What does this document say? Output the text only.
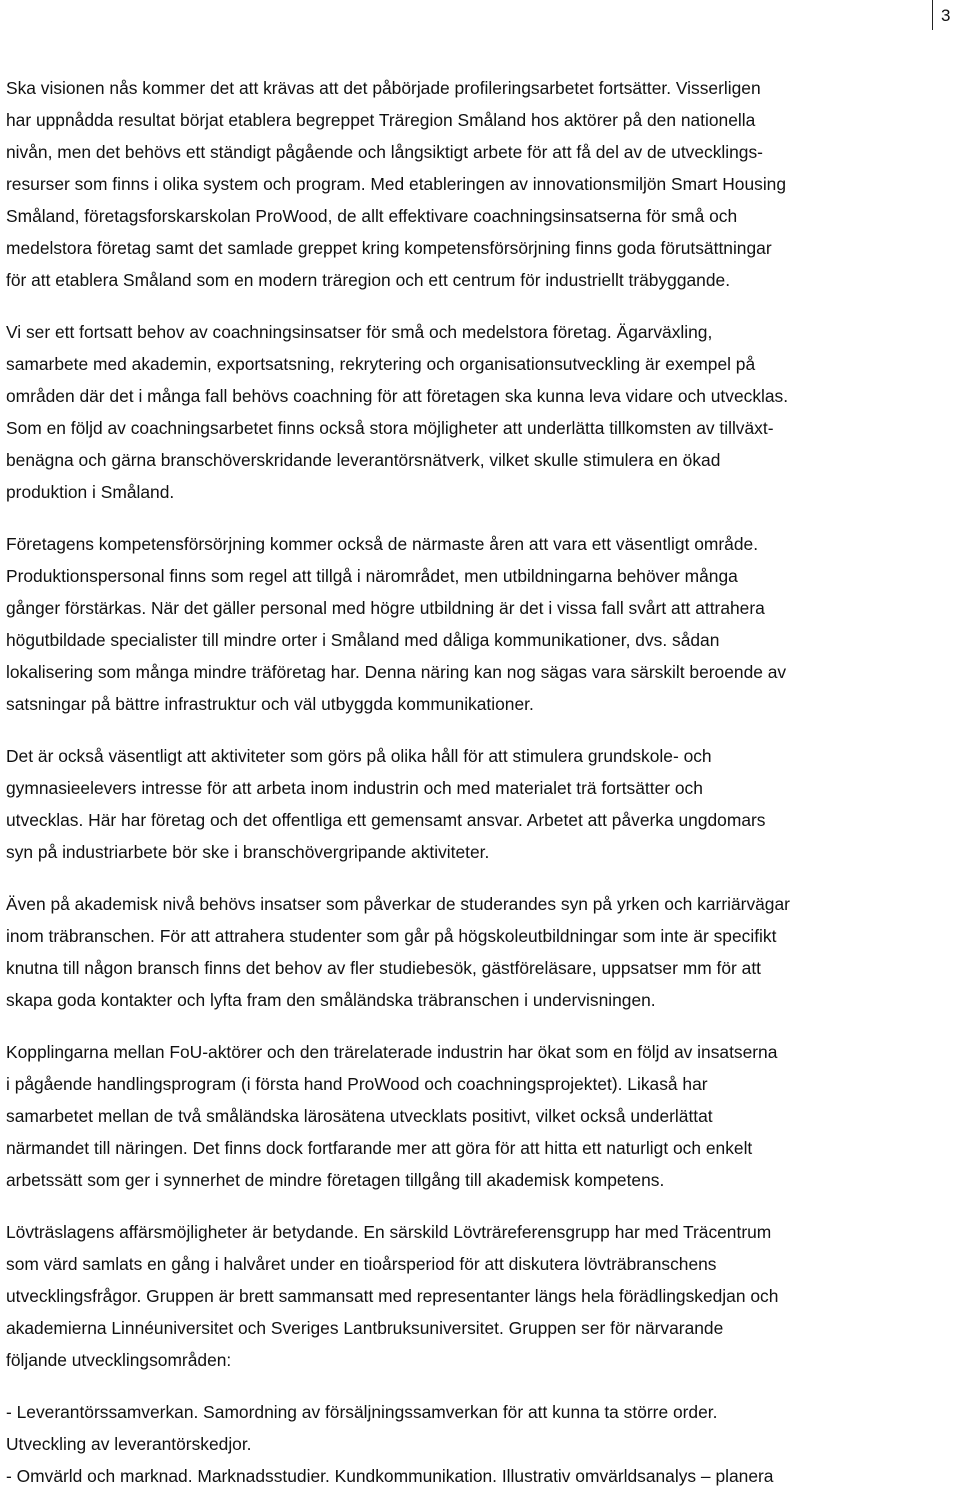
3

Ska visionen nås kommer det att krävas att det påbörjade profileringsarbetet fortsätter. Visserligen
har uppnådda resultat börjat etablera begreppet Träregion Småland hos aktörer på den nationella
nivån, men det behövs ett ständigt pågående och långsiktigt arbete för att få del av de utvecklings-
resurser som finns i olika system och program. Med etableringen av innovationsmiljön Smart Housing
Småland, företagsforskarskolan ProWood, de allt effektivare coachningsinsatserna för små och
medelstora företag samt det samlade greppet kring kompetensförsörjning finns goda förutsättningar
för att etablera Småland som en modern träregion och ett centrum för industriellt träbyggande.

Vi ser ett fortsatt behov av coachningsinsatser för små och medelstora företag. Ägarväxling,
samarbete med akademin, exportsatsning, rekrytering och organisationsutveckling är exempel på
områden där det i många fall behövs coachning för att företagen ska kunna leva vidare och utvecklas.
Som en följd av coachningsarbetet finns också stora möjligheter att underlätta tillkomsten av tillväxt-
benägna och gärna branschöverskridande leverantörsnätverk, vilket skulle stimulera en ökad
produktion i Småland.

Företagens kompetensförsörjning kommer också de närmaste åren att vara ett väsentligt område.
Produktionspersonal finns som regel att tillgå i närområdet, men utbildningarna behöver många
gånger förstärkas. När det gäller personal med högre utbildning är det i vissa fall svårt att attrahera
högutbildade specialister till mindre orter i Småland med dåliga kommunikationer, dvs. sådan
lokalisering som många mindre träföretag har. Denna näring kan nog sägas vara särskilt beroende av
satsningar på bättre infrastruktur och väl utbyggda kommunikationer.

Det är också väsentligt att aktiviteter som görs på olika håll för att stimulera grundskole- och
gymnasieelevers intresse för att arbeta inom industrin och med materialet trä fortsätter och
utvecklas. Här har företag och det offentliga ett gemensamt ansvar. Arbetet att påverka ungdomars
syn på industriarbete bör ske i branschövergripande aktiviteter.

Även på akademisk nivå behövs insatser som påverkar de studerandes syn på yrken och karriärvägar
inom träbranschen. För att attrahera studenter som går på högskoleutbildningar som inte är specifikt
knutna till någon bransch finns det behov av fler studiebesök, gästföreläsare, uppsatser mm för att
skapa goda kontakter och lyfta fram den småländska träbranschen i undervisningen.

Kopplingarna mellan FoU-aktörer och den trärelaterade industrin har ökat som en följd av insatserna
i pågående handlingsprogram (i första hand ProWood och coachningsprojektet). Likaså har
samarbetet mellan de två småländska lärosätena utvecklats positivt, vilket också underlättat
närmandet till näringen. Det finns dock fortfarande mer att göra för att hitta ett naturligt och enkelt
arbetssätt som ger i synnerhet de mindre företagen tillgång till akademisk kompetens.

Lövträslagens affärsmöjligheter är betydande. En särskild Lövträreferensgrupp har med Träcentrum
som värd samlats en gång i halvåret under en tioårsperiod för att diskutera lövträbranschens
utvecklingsfrågor. Gruppen är brett sammansatt med representanter längs hela förädlingskedjan och
akademierna Linnéuniversitet och Sveriges Lantbruksuniversitet. Gruppen ser för närvarande
följande utvecklingsområden:

- Leverantörssamverkan. Samordning av försäljningssamverkan för att kunna ta större order.
Utveckling av leverantörskedjor.
- Omvärld och marknad. Marknadsstudier. Kundkommunikation. Illustrativ omvärldsanalys – planera
